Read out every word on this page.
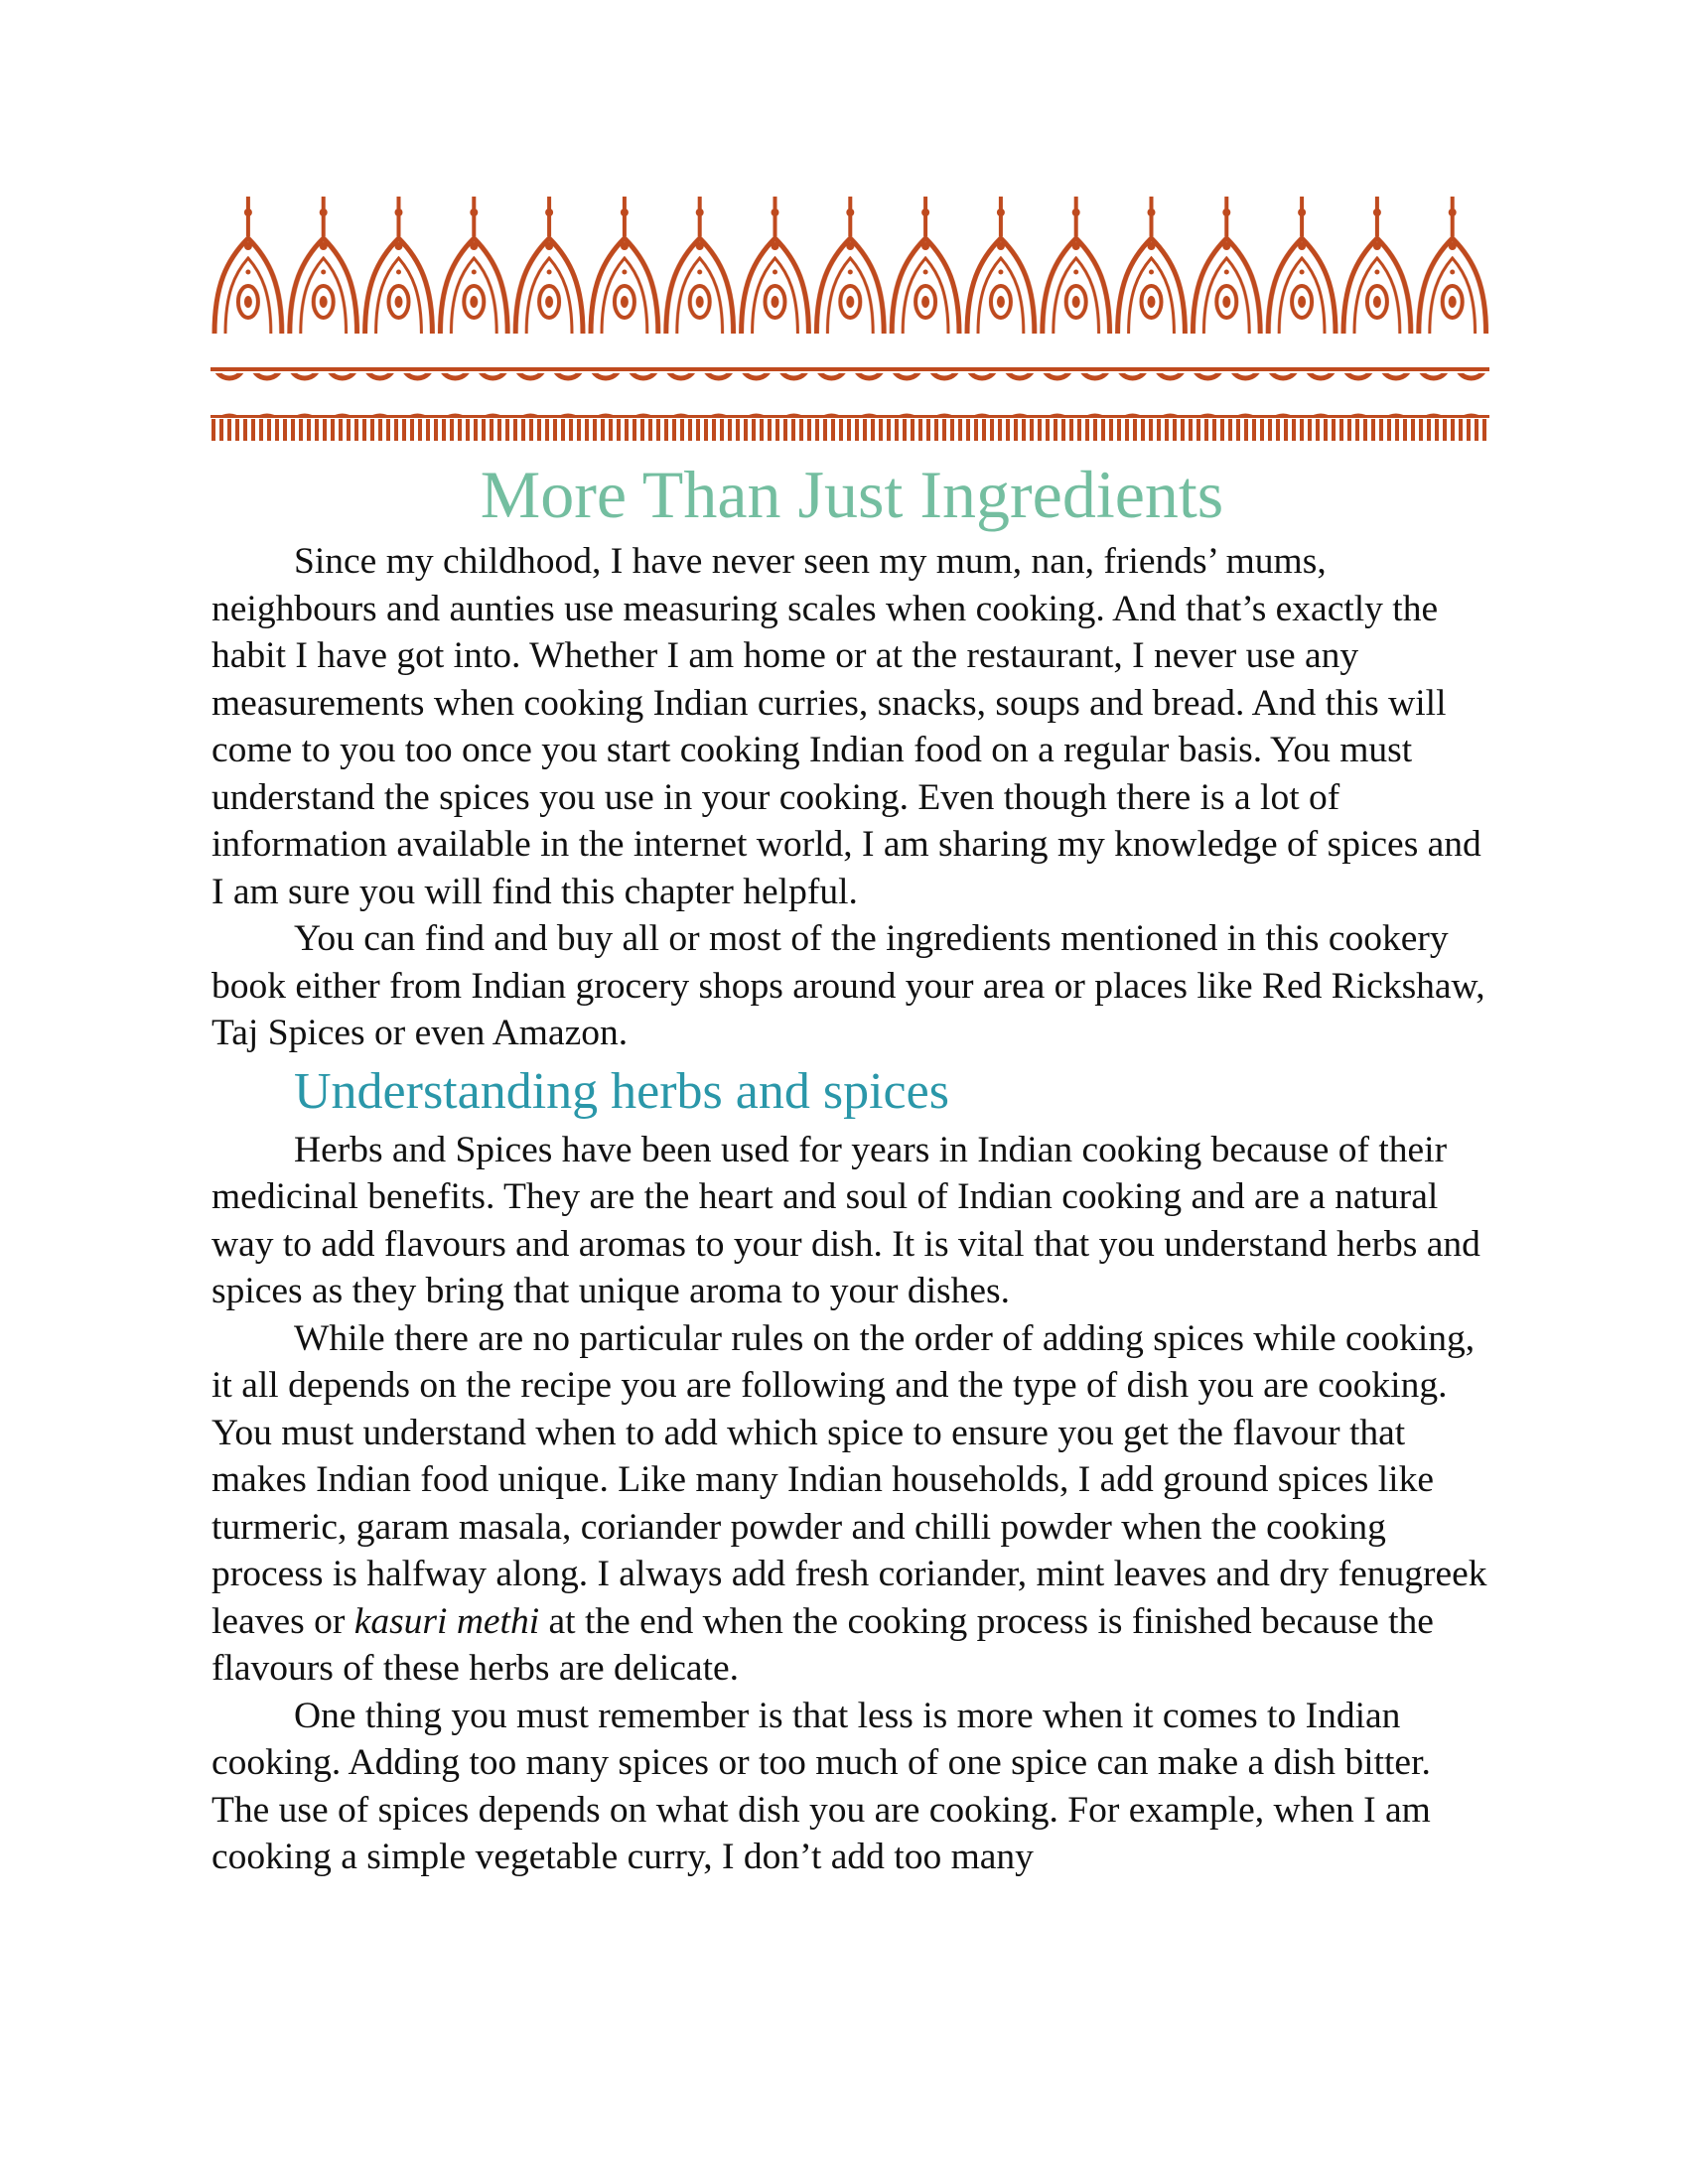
More Than Just Ingredients

Since my childhood, I have never seen my mum, nan, friends’ mums, neighbours and aunties use measuring scales when cooking. And that’s exactly the habit I have got into. Whether I am home or at the restaurant, I never use any measurements when cooking Indian curries, snacks, soups and bread. And this will come to you too once you start cooking Indian food on a regular basis. You must understand the spices you use in your cooking. Even though there is a lot of information available in the internet world, I am sharing my knowledge of spices and I am sure you will find this chapter helpful.

You can find and buy all or most of the ingredients mentioned in this cookery book either from Indian grocery shops around your area or places like Red Rickshaw, Taj Spices or even Amazon.

Understanding herbs and spices

Herbs and Spices have been used for years in Indian cooking because of their medicinal benefits. They are the heart and soul of Indian cooking and are a natural way to add flavours and aromas to your dish. It is vital that you understand herbs and spices as they bring that unique aroma to your dishes.

While there are no particular rules on the order of adding spices while cooking, it all depends on the recipe you are following and the type of dish you are cooking. You must understand when to add which spice to ensure you get the flavour that makes Indian food unique. Like many Indian households, I add ground spices like turmeric, garam masala, coriander powder and chilli powder when the cooking process is halfway along. I always add fresh coriander, mint leaves and dry fenugreek leaves or kasuri methi at the end when the cooking process is finished because the flavours of these herbs are delicate.

One thing you must remember is that less is more when it comes to Indian cooking. Adding too many spices or too much of one spice can make a dish bitter. The use of spices depends on what dish you are cooking. For example, when I am cooking a simple vegetable curry, I don’t add too many
